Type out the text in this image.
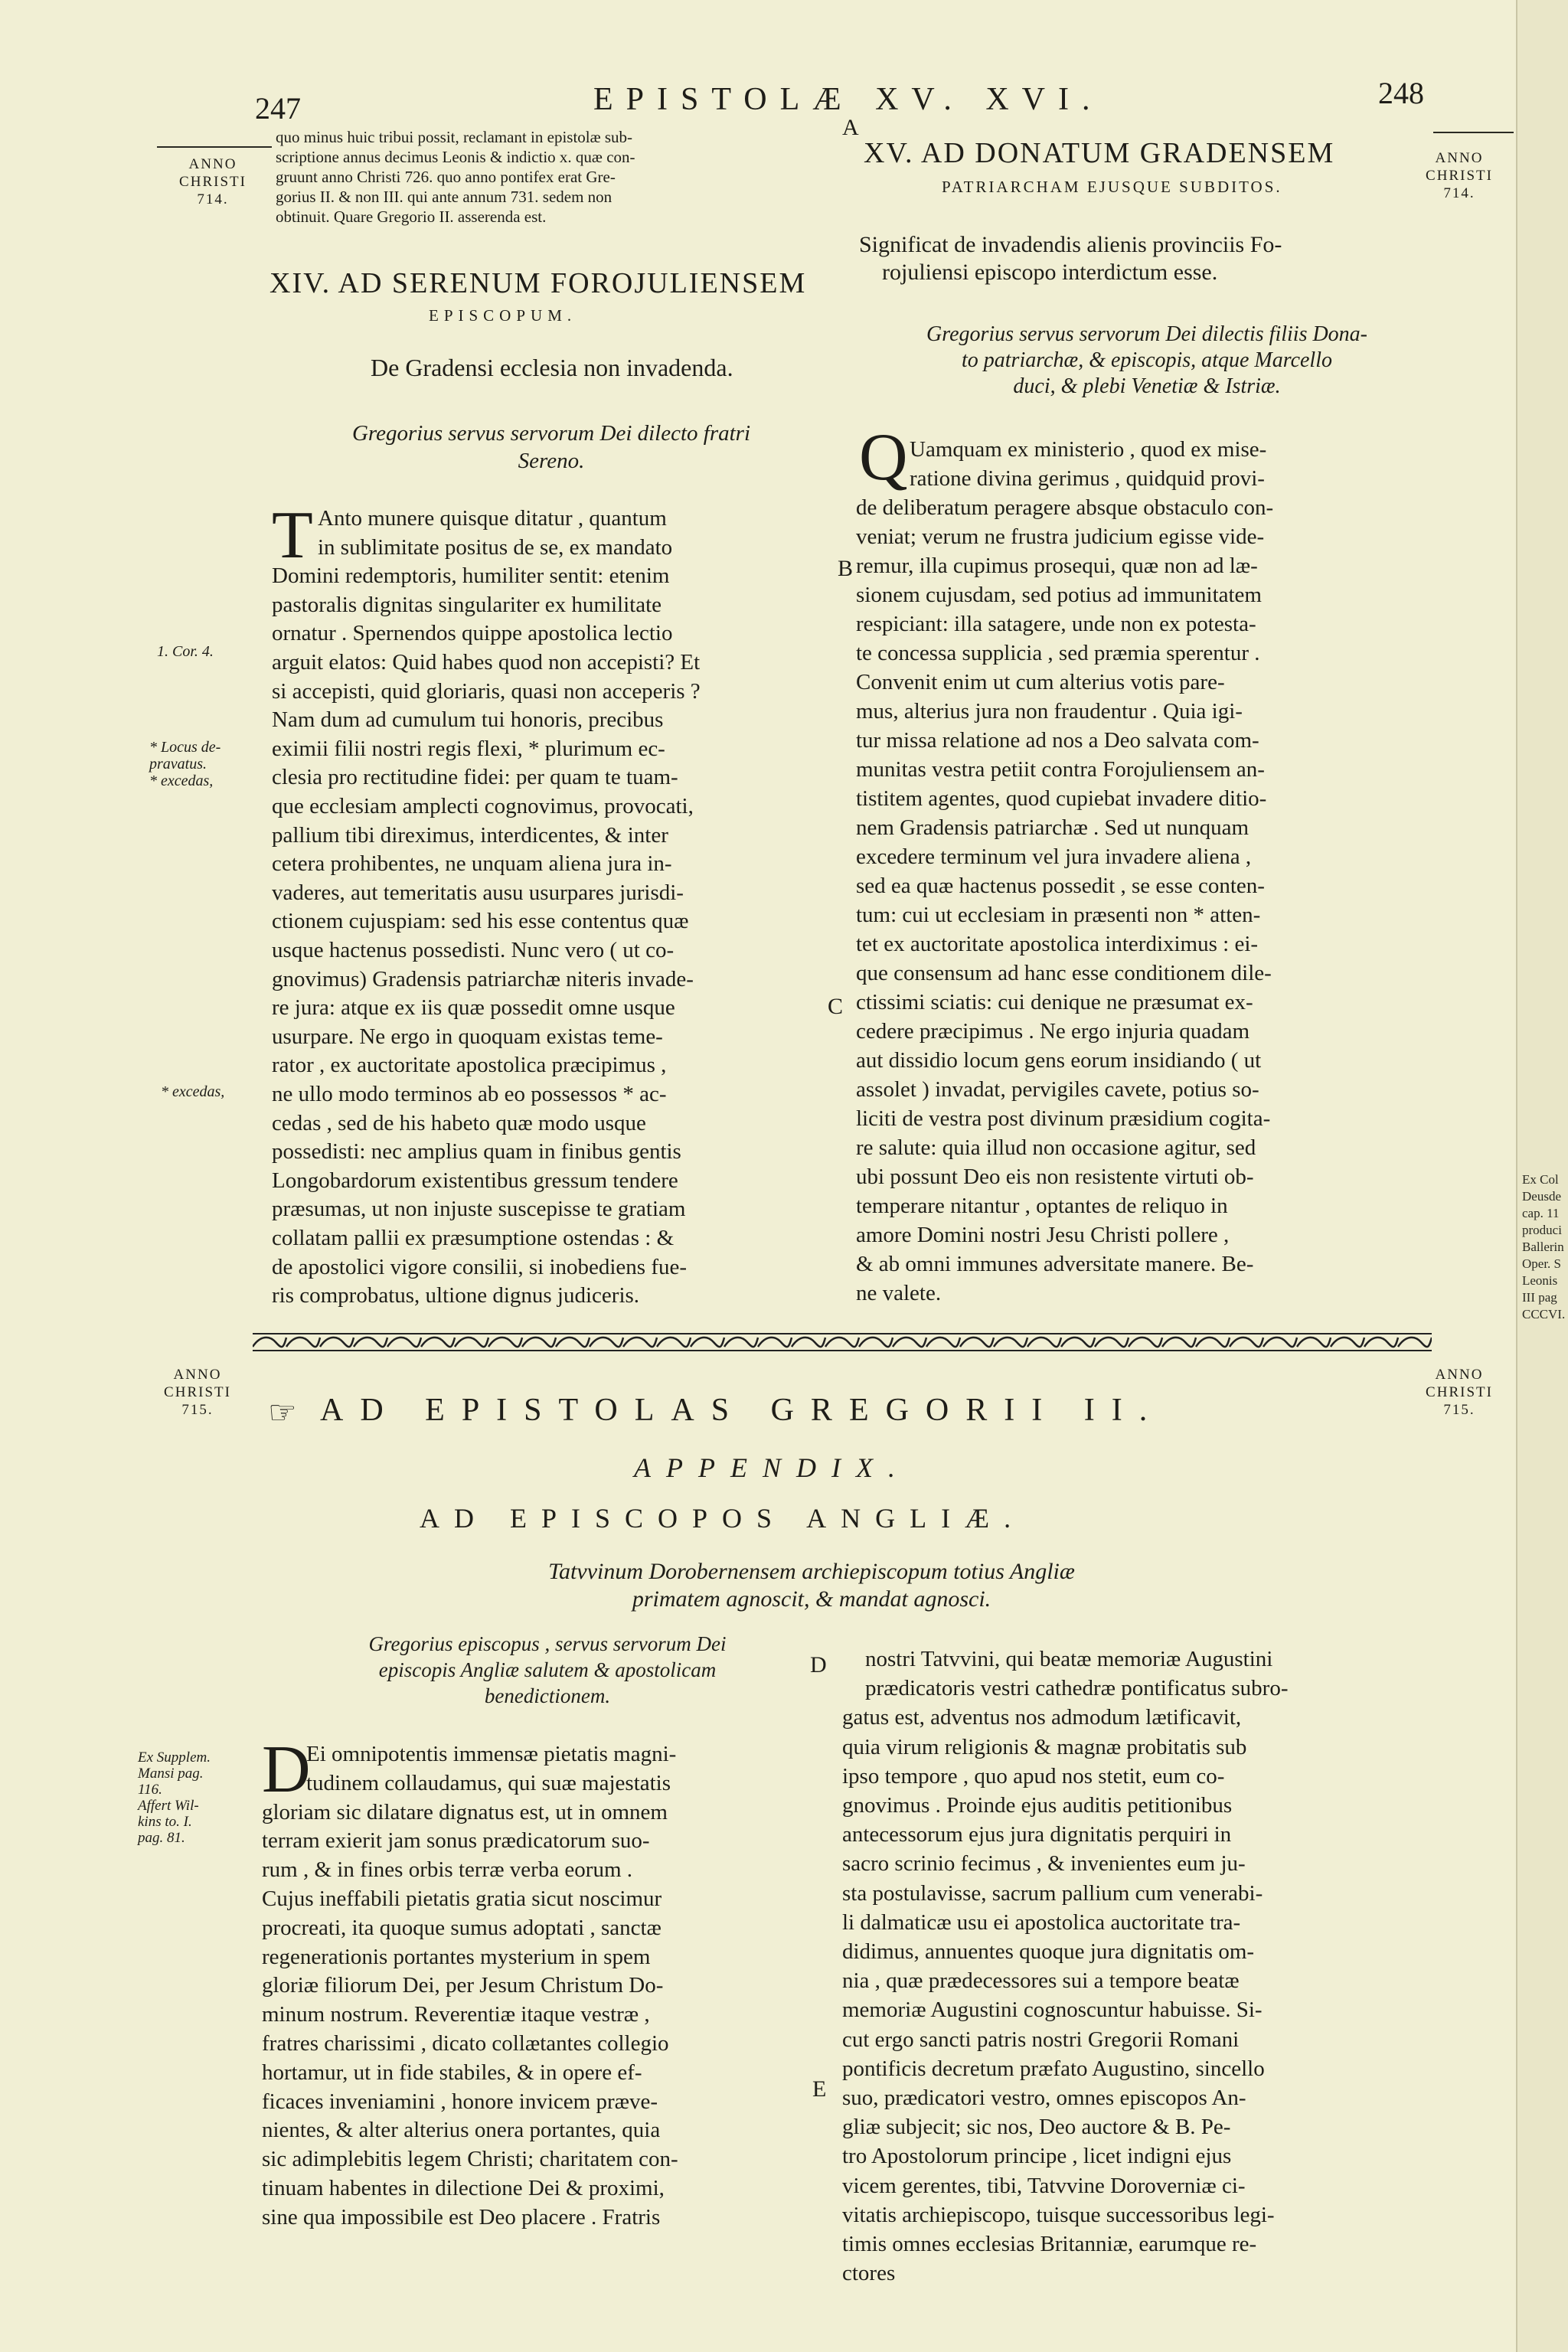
247	EPISTOLÆ XV. XVI.	248
ANNO
CHRISTI
714.
ANNO
CHRISTI
714.
ANNO
CHRISTI
715.
ANNO
CHRISTI
715.
1. Cor. 4.
* Locus de-
pravatus.
* excedas,
* excedas,
Ex Supplem.
Mansi pag.
116.
Affert Wil-
kins to. I.
pag. 81.
A
B
C
D
E
quo minus huic tribui possit, reclamant in epistolæ sub-
scriptione annus decimus Leonis & indictio x. quæ con-
gruunt anno Christi 726. quo anno pontifex erat Gre-
gorius II. & non III. qui ante annum 731. sedem non
obtinuit. Quare Gregorio II. asserenda est.
XIV. AD SERENUM FOROJULIENSEM
EPISCOPUM.
De Gradensi ecclesia non invadenda.
Gregorius servus servorum Dei dilecto fratri
Sereno.
T Anto munere quisque ditatur , quantum
in sublimitate positus de se, ex mandato
Domini redemptoris, humiliter sentit: etenim
pastoralis dignitas singulariter ex humilitate
ornatur . Spernendos quippe apostolica lectio
arguit elatos: Quid habes quod non accepisti? Et
si accepisti, quid gloriaris, quasi non acceperis ?
Nam dum ad cumulum tui honoris, precibus
eximii filii nostri regis flexi, * plurimum ec-
clesia pro rectitudine fidei: per quam te tuam-
que ecclesiam amplecti cognovimus, provocati,
pallium tibi direximus, interdicentes, & inter
cetera prohibentes, ne unquam aliena jura in-
vaderes, aut temeritatis ausu usurpares jurisdi-
ctionem cujuspiam: sed his esse contentus quæ
usque hactenus possedisti. Nunc vero ( ut co-
gnovimus) Gradensis patriarchæ niteris invade-
re jura: atque ex iis quæ possedit omne usque
usurpare. Ne ergo in quoquam existas teme-
rator , ex auctoritate apostolica præcipimus ,
ne ullo modo terminos ab eo possessos * ac-
cedas , sed de his habeto quæ modo usque
possedisti: nec amplius quam in finibus gentis
Longobardorum existentibus gressum tendere
præsumas, ut non injuste suscepisse te gratiam
collatam pallii ex præsumptione ostendas : &
de apostolici vigore consilii, si inobediens fue-
ris comprobatus, ultione dignus judiceris.
XV. AD DONATUM GRADENSEM
PATRIARCHAM EJUSQUE SUBDITOS.
Significat de invadendis alienis provinciis Fo-
rojuliensi episcopo interdictum esse.
Gregorius servus servorum Dei dilectis filiis Dona-
to patriarchæ, & episcopis, atque Marcello
duci, & plebi Venetiæ & Istriæ.
Q Uamquam ex ministerio , quod ex mise-
ratione divina gerimus , quidquid provi-
de deliberatum peragere absque obstaculo con-
veniat; verum ne frustra judicium egisse vide-
remur, illa cupimus prosequi, quæ non ad læ-
sionem cujusdam, sed potius ad immunitatem
respiciant: illa satagere, unde non ex potesta-
te concessa supplicia , sed præmia sperentur .
Convenit enim ut cum alterius votis pare-
mus, alterius jura non fraudentur . Quia igi-
tur missa relatione ad nos a Deo salvata com-
munitas vestra petiit contra Forojuliensem an-
tistitem agentes, quod cupiebat invadere ditio-
nem Gradensis patriarchæ . Sed ut nunquam
excedere terminum vel jura invadere aliena ,
sed ea quæ hactenus possedit , se esse conten-
tum: cui ut ecclesiam in præsenti non * atten-
tet ex auctoritate apostolica interdiximus : ei-
que consensum ad hanc esse conditionem dile-
ctissimi sciatis: cui denique ne præsumat ex-
cedere præcipimus . Ne ergo injuria quadam
aut dissidio locum gens eorum insidiando ( ut
assolet ) invadat, pervigiles cavete, potius so-
liciti de vestra post divinum præsidium cogita-
re salute: quia illud non occasione agitur, sed
ubi possunt Deo eis non resistente virtuti ob-
temperare nitantur , optantes de reliquo in
amore Domini nostri Jesu Christi pollere ,
& ab omni immunes adversitate manere. Be-
ne valete.
☞ AD EPISTOLAS GREGORII II.
APPENDIX.
AD EPISCOPOS ANGLIÆ.
Tatvvinum Dorobernensem archiepiscopum totius Angliæ
primatem agnoscit, & mandat agnosci.
Gregorius episcopus , servus servorum Dei
episcopis Angliæ salutem & apostolicam
benedictionem.
D
Ei omnipotentis immensæ pietatis magni-
tudinem collaudamus, qui suæ majestatis
gloriam sic dilatare dignatus est, ut in omnem
terram exierit jam sonus prædicatorum suo-
rum , & in fines orbis terræ verba eorum .
Cujus ineffabili pietatis gratia sicut noscimur
procreati, ita quoque sumus adoptati , sanctæ
regenerationis portantes mysterium in spem
gloriæ filiorum Dei, per Jesum Christum Do-
minum nostrum. Reverentiæ itaque vestræ ,
fratres charissimi , dicato collætantes collegio
hortamur, ut in fide stabiles, & in opere ef-
ficaces inveniamini , honore invicem præve-
nientes, & alter alterius onera portantes, quia
sic adimplebitis legem Christi; charitatem con-
tinuam habentes in dilectione Dei & proximi,
sine qua impossibile est Deo placere . Fratris
nostri Tatvvini, qui beatæ memoriæ Augustini
prædicatoris vestri cathedræ pontificatus subro-
gatus est, adventus nos admodum lætificavit,
quia virum religionis & magnæ probitatis sub
ipso tempore , quo apud nos stetit, eum co-
gnovimus . Proinde ejus auditis petitionibus
antecessorum ejus jura dignitatis perquiri in
sacro scrinio fecimus , & invenientes eum ju-
sta postulavisse, sacrum pallium cum venerabi-
li dalmaticæ usu ei apostolica auctoritate tra-
didimus, annuentes quoque jura dignitatis om-
nia , quæ prædecessores sui a tempore beatæ
memoriæ Augustini cognoscuntur habuisse. Si-
cut ergo sancti patris nostri Gregorii Romani
pontificis decretum præfato Augustino, sincello
suo, prædicatori vestro, omnes episcopos An-
gliæ subjecit; sic nos, Deo auctore & B. Pe-
tro Apostolorum principe , licet indigni ejus
vicem gerentes, tibi, Tatvvine Doroverniæ ci-
vitatis archiepiscopo, tuisque successoribus legi-
timis omnes ecclesias Britanniæ, earumque re-
ctores
Ex Col
Deusde
cap. 11
produci
Ballerin
Oper. S
Leonis
III pag
CCCVI.
